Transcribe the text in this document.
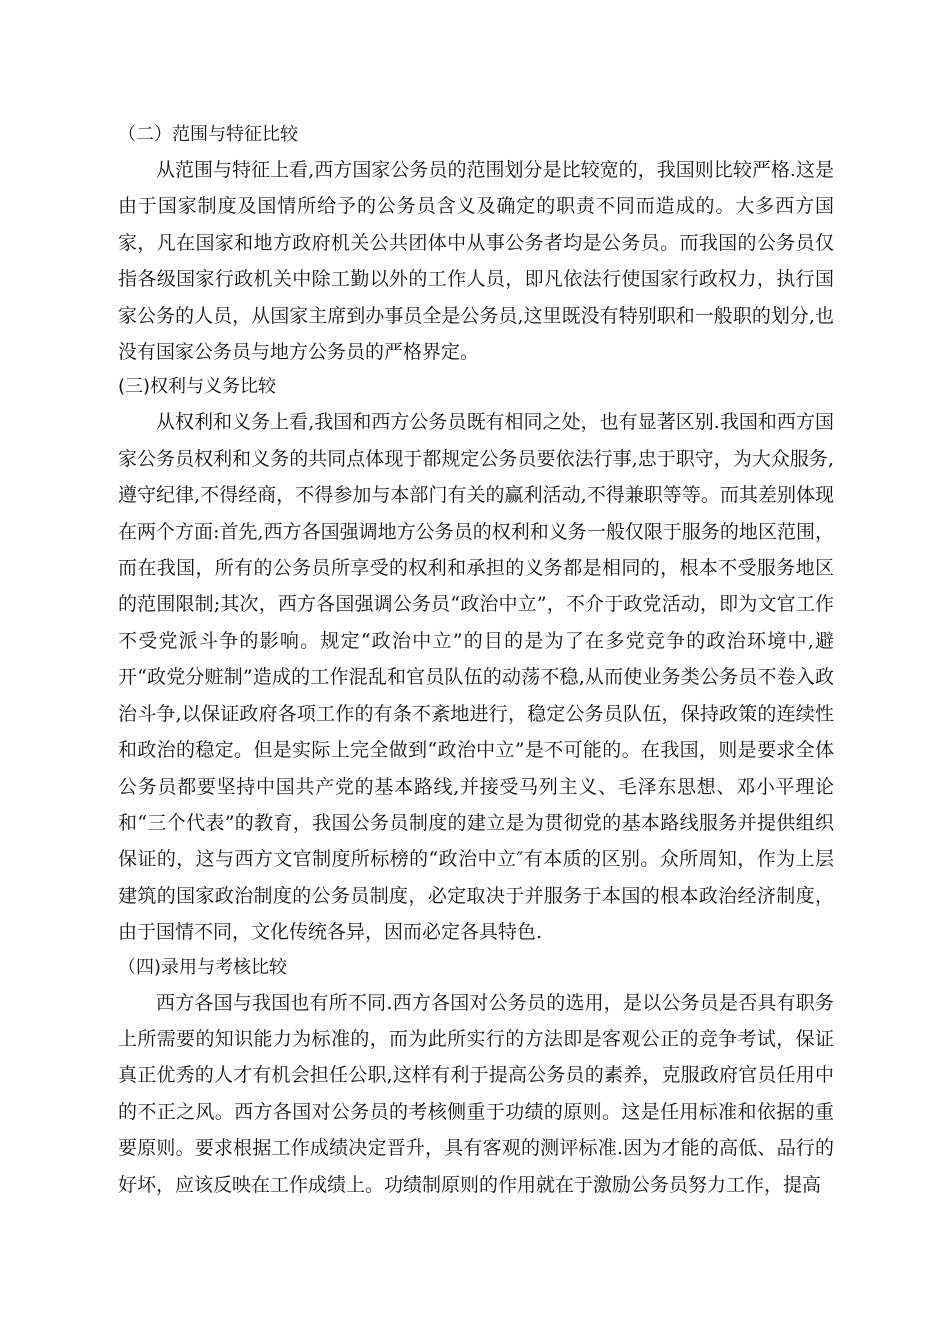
（二）范围与特征比较

从范围与特征上看,西方国家公务员的范围划分是比较宽的，我国则比较严格.这是由于国家制度及国情所给予的公务员含义及确定的职责不同而造成的。大多西方国家，凡在国家和地方政府机关公共团体中从事公务者均是公务员。而我国的公务员仅指各级国家行政机关中除工勤以外的工作人员，即凡依法行使国家行政权力，执行国家公务的人员，从国家主席到办事员全是公务员,这里既没有特别职和一般职的划分,也没有国家公务员与地方公务员的严格界定。

(三)权利与义务比较

从权利和义务上看,我国和西方公务员既有相同之处，也有显著区别.我国和西方国家公务员权利和义务的共同点体现于都规定公务员要依法行事,忠于职守，为大众服务,遵守纪律,不得经商，不得参加与本部门有关的赢利活动,不得兼职等等。而其差别体现在两个方面:首先,西方各国强调地方公务员的权利和义务一般仅限于服务的地区范围，而在我国，所有的公务员所享受的权利和承担的义务都是相同的，根本不受服务地区的范围限制;其次，西方各国强调公务员“政治中立”，不介于政党活动，即为文官工作不受党派斗争的影响。规定“政治中立”的目的是为了在多党竞争的政治环境中,避开“政党分赃制”造成的工作混乱和官员队伍的动荡不稳,从而使业务类公务员不卷入政治斗争,以保证政府各项工作的有条不紊地进行，稳定公务员队伍，保持政策的连续性和政治的稳定。但是实际上完全做到“政治中立”是不可能的。在我国，则是要求全体公务员都要坚持中国共产党的基本路线,并接受马列主义、毛泽东思想、邓小平理论和“三个代表”的教育，我国公务员制度的建立是为贯彻党的基本路线服务并提供组织保证的，这与西方文官制度所标榜的“政治中立″有本质的区别。众所周知，作为上层建筑的国家政治制度的公务员制度，必定取决于并服务于本国的根本政治经济制度，由于国情不同，文化传统各异，因而必定各具特色.

（四)录用与考核比较

西方各国与我国也有所不同.西方各国对公务员的选用，是以公务员是否具有职务上所需要的知识能力为标准的，而为此所实行的方法即是客观公正的竞争考试，保证真正优秀的人才有机会担任公职,这样有利于提高公务员的素养，克服政府官员任用中的不正之风。西方各国对公务员的考核侧重于功绩的原则。这是任用标准和依据的重要原则。要求根据工作成绩决定晋升，具有客观的测评标准.因为才能的高低、品行的好坏，应该反映在工作成绩上。功绩制原则的作用就在于激励公务员努力工作，提高
